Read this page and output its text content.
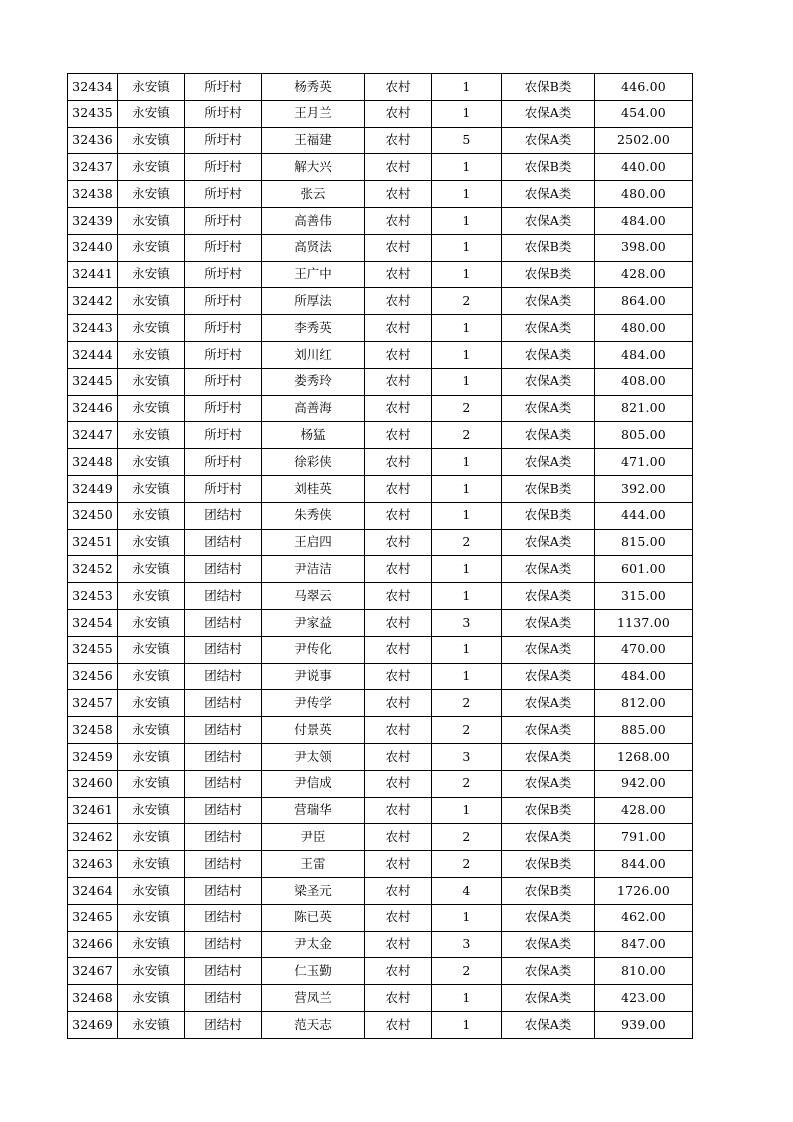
32434	永安镇	所圩村	杨秀英	农村	1	农保B类	446.00
32435	永安镇	所圩村	王月兰	农村	1	农保A类	454.00
32436	永安镇	所圩村	王福建	农村	5	农保A类	2502.00
32437	永安镇	所圩村	解大兴	农村	1	农保B类	440.00
32438	永安镇	所圩村	张云	农村	1	农保A类	480.00
32439	永安镇	所圩村	高善伟	农村	1	农保A类	484.00
32440	永安镇	所圩村	高贤法	农村	1	农保B类	398.00
32441	永安镇	所圩村	王广中	农村	1	农保B类	428.00
32442	永安镇	所圩村	所厚法	农村	2	农保A类	864.00
32443	永安镇	所圩村	李秀英	农村	1	农保A类	480.00
32444	永安镇	所圩村	刘川红	农村	1	农保A类	484.00
32445	永安镇	所圩村	娄秀玲	农村	1	农保A类	408.00
32446	永安镇	所圩村	高善海	农村	2	农保A类	821.00
32447	永安镇	所圩村	杨猛	农村	2	农保A类	805.00
32448	永安镇	所圩村	徐彩侠	农村	1	农保A类	471.00
32449	永安镇	所圩村	刘桂英	农村	1	农保B类	392.00
32450	永安镇	团结村	朱秀侠	农村	1	农保B类	444.00
32451	永安镇	团结村	王启四	农村	2	农保A类	815.00
32452	永安镇	团结村	尹洁洁	农村	1	农保A类	601.00
32453	永安镇	团结村	马翠云	农村	1	农保A类	315.00
32454	永安镇	团结村	尹家益	农村	3	农保A类	1137.00
32455	永安镇	团结村	尹传化	农村	1	农保A类	470.00
32456	永安镇	团结村	尹说事	农村	1	农保A类	484.00
32457	永安镇	团结村	尹传学	农村	2	农保A类	812.00
32458	永安镇	团结村	付景英	农村	2	农保A类	885.00
32459	永安镇	团结村	尹太领	农村	3	农保A类	1268.00
32460	永安镇	团结村	尹信成	农村	2	农保A类	942.00
32461	永安镇	团结村	营瑞华	农村	1	农保B类	428.00
32462	永安镇	团结村	尹臣	农村	2	农保A类	791.00
32463	永安镇	团结村	王雷	农村	2	农保B类	844.00
32464	永安镇	团结村	梁圣元	农村	4	农保B类	1726.00
32465	永安镇	团结村	陈已英	农村	1	农保A类	462.00
32466	永安镇	团结村	尹太金	农村	3	农保A类	847.00
32467	永安镇	团结村	仁玉勤	农村	2	农保A类	810.00
32468	永安镇	团结村	营凤兰	农村	1	农保A类	423.00
32469	永安镇	团结村	范天志	农村	1	农保A类	939.00
